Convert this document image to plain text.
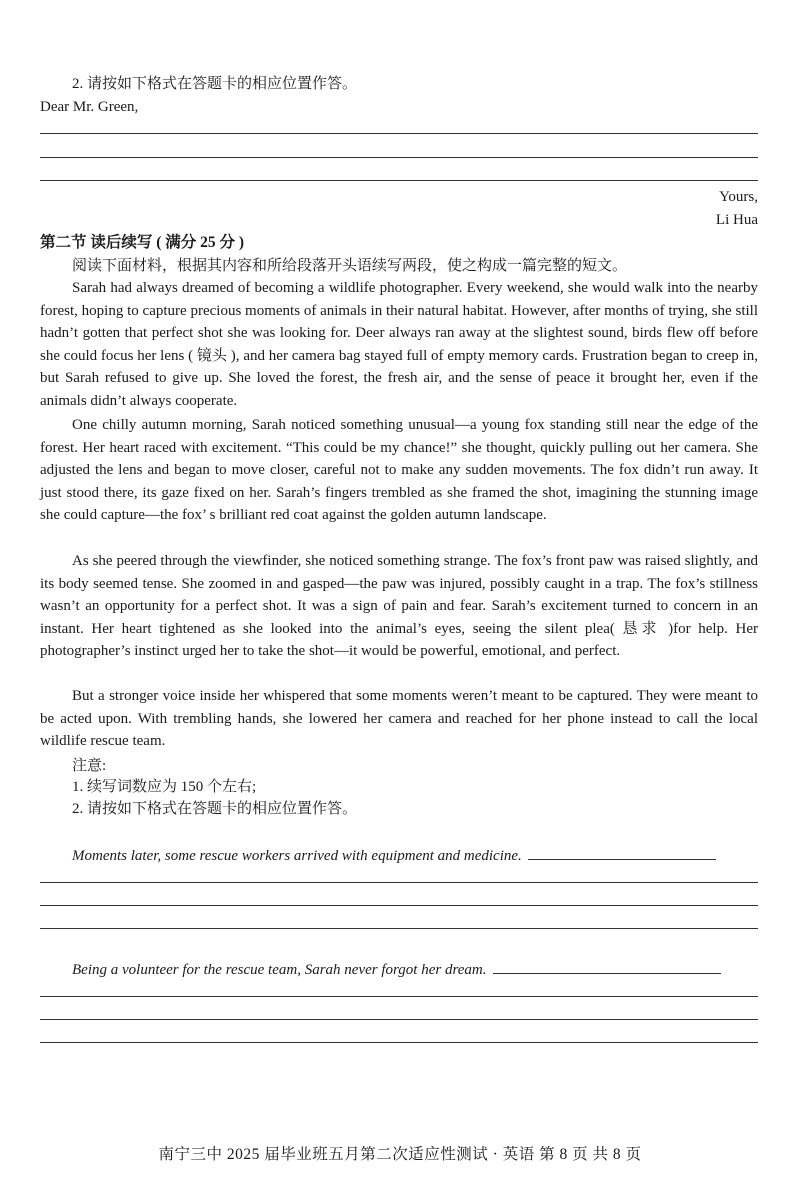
2. 请按如下格式在答题卡的相应位置作答。
Dear Mr. Green,
Yours,
Li Hua
第二节 读后续写 ( 满分 25 分 )
阅读下面材料，根据其内容和所给段落开头语续写两段，使之构成一篇完整的短文。

Sarah had always dreamed of becoming a wildlife photographer. Every weekend, she would walk into the nearby forest, hoping to capture precious moments of animals in their natural habitat. However, after months of trying, she still hadn’t gotten that perfect shot she was looking for. Deer always ran away at the slightest sound, birds flew off before she could focus her lens ( 镜头 ), and her camera bag stayed full of empty memory cards. Frustration began to creep in, but Sarah refused to give up. She loved the forest, the fresh air, and the sense of peace it brought her, even if the animals didn’t always cooperate.

One chilly autumn morning, Sarah noticed something unusual—a young fox standing still near the edge of the forest. Her heart raced with excitement. “This could be my chance!” she thought, quickly pulling out her camera. She adjusted the lens and began to move closer, careful not to make any sudden movements. The fox didn’t run away. It just stood there, its gaze fixed on her. Sarah’s fingers trembled as she framed the shot, imagining the stunning image she could capture—the fox’ s brilliant red coat against the golden autumn landscape.

As she peered through the viewfinder, she noticed something strange. The fox’s front paw was raised slightly, and its body seemed tense. She zoomed in and gasped—the paw was injured, possibly caught in a trap. The fox’s stillness wasn’t an opportunity for a perfect shot. It was a sign of pain and fear. Sarah’s excitement turned to concern in an instant. Her heart tightened as she looked into the animal’s eyes, seeing the silent plea( 恳求 )for help. Her photographer’s instinct urged her to take the shot—it would be powerful, emotional, and perfect.

But a stronger voice inside her whispered that some moments weren’t meant to be captured. They were meant to be acted upon. With trembling hands, she lowered her camera and reached for her phone instead to call the local wildlife rescue team.

注意:
1. 续写词数应为 150 个左右;
2. 请按如下格式在答题卡的相应位置作答。
Moments later, some rescue workers arrived with equipment and medicine.
Being a volunteer for the rescue team, Sarah never forgot her dream.
南宁三中 2025 届毕业班五月第二次适应性测试 · 英语 第 8 页 共 8 页
